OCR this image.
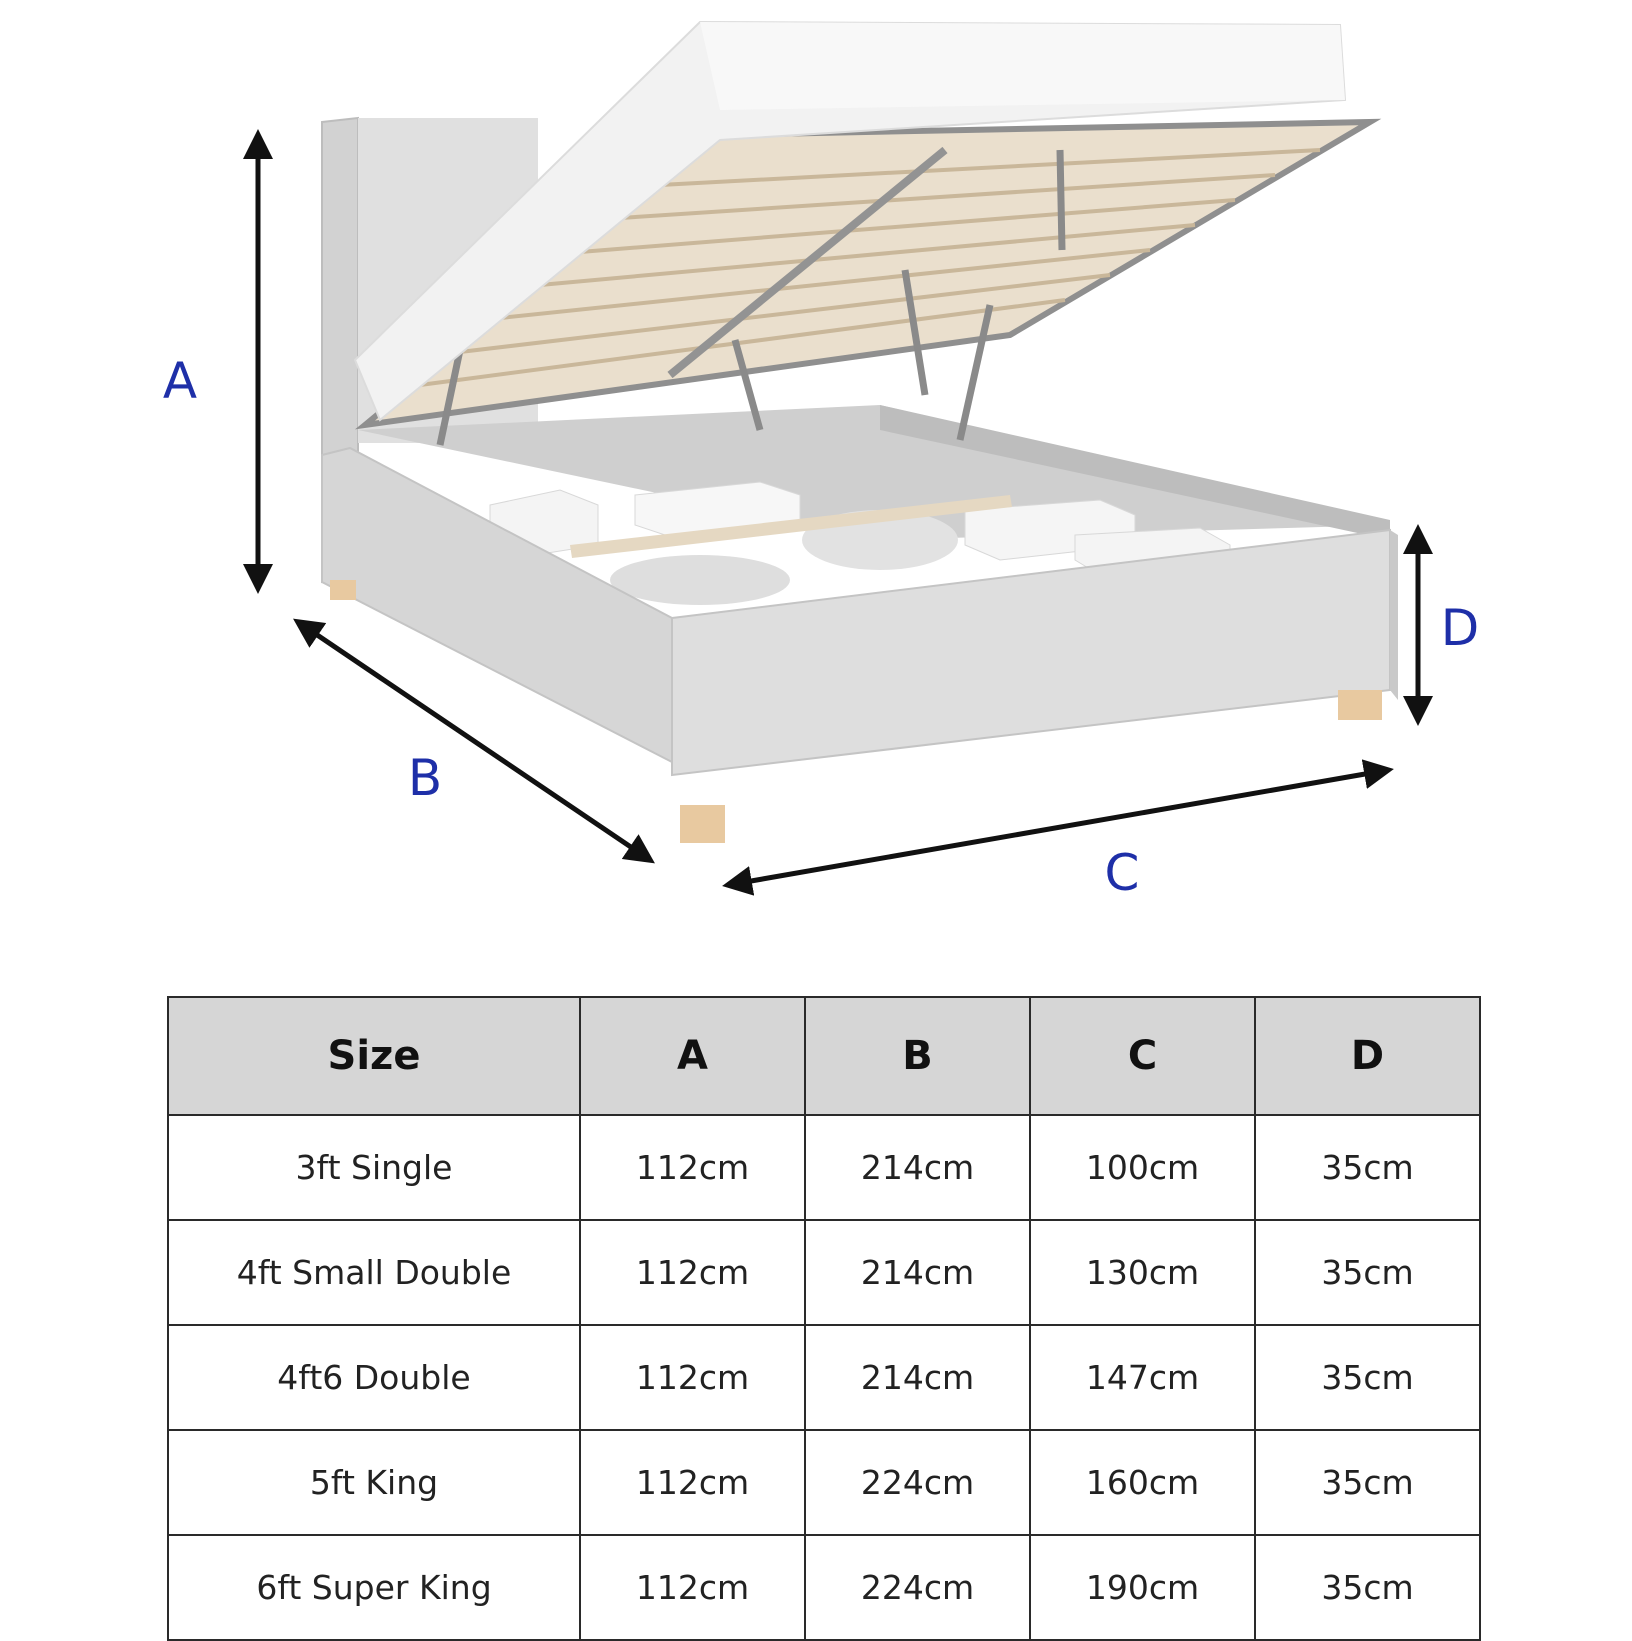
A
B
C
D
Size	A	B	C	D
3ft Single	112cm	214cm	100cm	35cm
4ft Small Double	112cm	214cm	130cm	35cm
4ft6 Double	112cm	214cm	147cm	35cm
5ft King	112cm	224cm	160cm	35cm
6ft Super King	112cm	224cm	190cm	35cm
